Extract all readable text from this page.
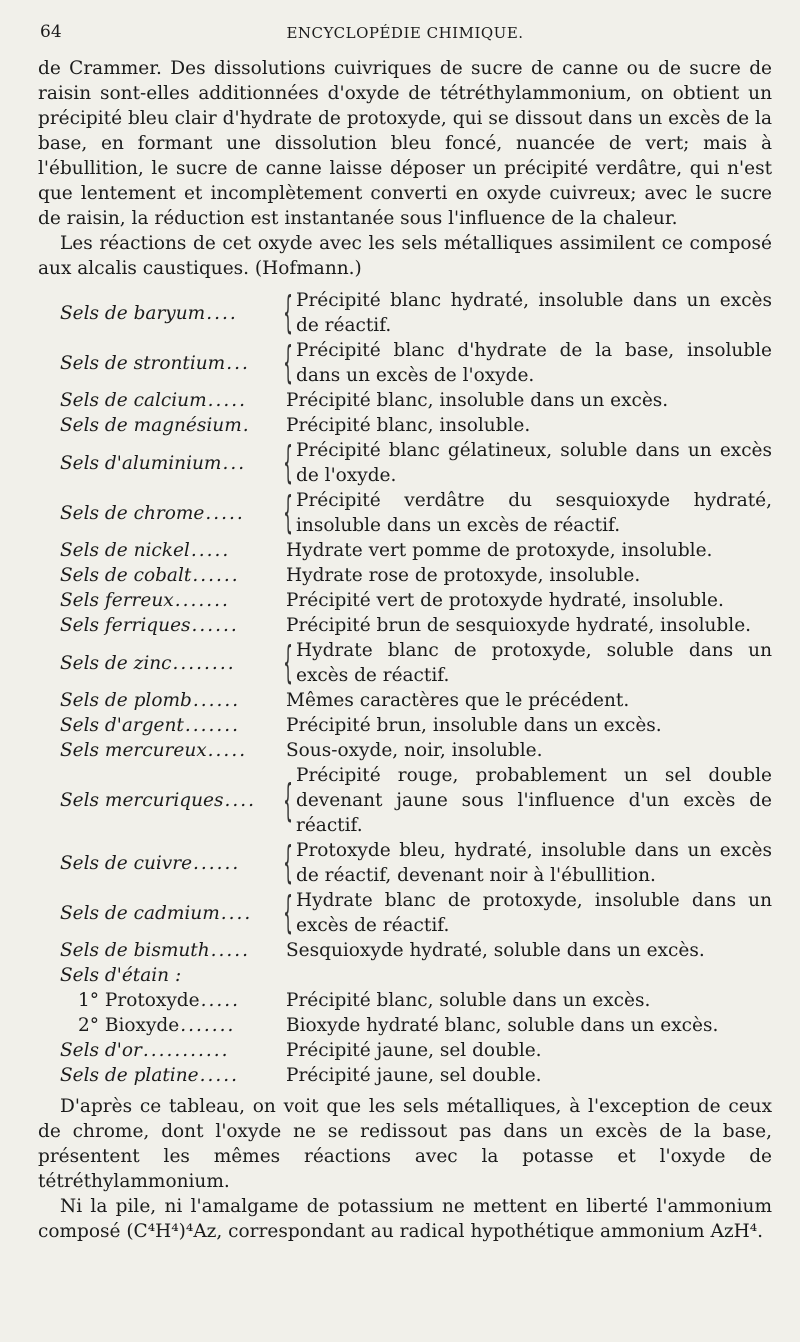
64	ENCYCLOPÉDIE CHIMIQUE.

de Crammer. Des dissolutions cuivriques de sucre de canne ou de sucre de raisin sont-elles additionnées d'oxyde de tétréthylammonium, on obtient un précipité bleu clair d'hydrate de protoxyde, qui se dissout dans un excès de la base, en formant une dissolution bleu foncé, nuancée de vert; mais à l'ébullition, le sucre de canne laisse déposer un précipité verdâtre, qui n'est que lentement et incomplètement converti en oxyde cuivreux; avec le sucre de raisin, la réduction est instantanée sous l'influence de la chaleur.

Les réactions de cet oxyde avec les sels métalliques assimilent ce composé aux alcalis caustiques. (Hofmann.)

Sels de baryum ....	{ Précipité blanc hydraté, insoluble dans un excès de réactif.
Sels de strontium ... { Précipité blanc d'hydrate de la base, insoluble dans un excès de l'oxyde.
Sels de calcium .....	Précipité blanc, insoluble dans un excès.
Sels de magnésium .	Précipité blanc, insoluble.
Sels d'aluminium ... { Précipité blanc gélatineux, soluble dans un excès de l'oxyde.
Sels de chrome ..... { Précipité verdâtre du sesquioxyde hydraté, insoluble dans un excès de réactif.
Sels de nickel .....	Hydrate vert pomme de protoxyde, insoluble.
Sels de cobalt ......	Hydrate rose de protoxyde, insoluble.
Sels ferreux .......	Précipité vert de protoxyde hydraté, insoluble.
Sels ferriques ......	Précipité brun de sesquioxyde hydraté, insoluble.
Sels de zinc ........	{ Hydrate blanc de protoxyde, soluble dans un excès de réactif.
Sels de plomb ......	Mêmes caractères que le précédent.
Sels d'argent .......	Précipité brun, insoluble dans un excès.
Sels mercureux .....	Sous-oxyde, noir, insoluble.
Sels mercuriques .... { Précipité rouge, probablement un sel double devenant jaune sous l'influence d'un excès de réactif.
Sels de cuivre ...... { Protoxyde bleu, hydraté, insoluble dans un excès de réactif, devenant noir à l'ébullition.
Sels de cadmium .... { Hydrate blanc de protoxyde, insoluble dans un excès de réactif.
Sels de bismuth .....	Sesquioxyde hydraté, soluble dans un excès.
Sels d'étain :
1° Protoxyde .....	Précipité blanc, soluble dans un excès.
2° Bioxyde .......	Bioxyde hydraté blanc, soluble dans un excès.
Sels d'or ...........	Précipité jaune, sel double.
Sels de platine .....	Précipité jaune, sel double.

D'après ce tableau, on voit que les sels métalliques, à l'exception de ceux de chrome, dont l'oxyde ne se redissout pas dans un excès de la base, présentent les mêmes réactions avec la potasse et l'oxyde de tétréthylammonium.

Ni la pile, ni l'amalgame de potassium ne mettent en liberté l'ammonium composé (C⁴H⁴)⁴Az, correspondant au radical hypothétique ammonium AzH⁴.
